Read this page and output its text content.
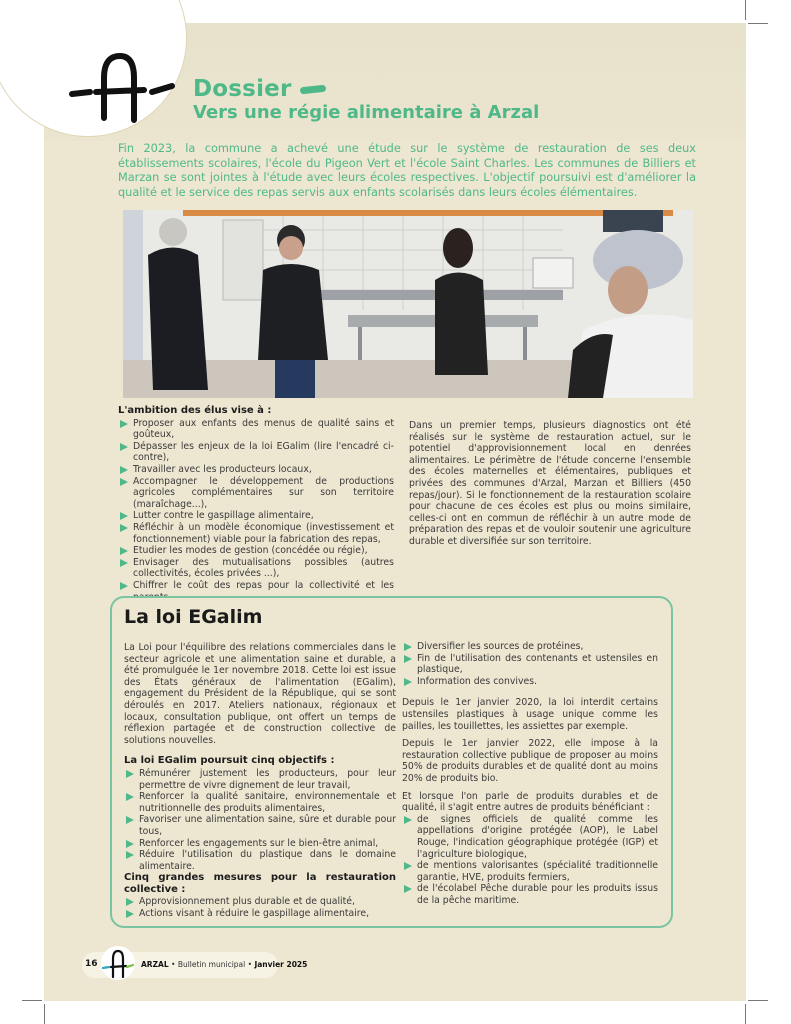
Dossier
Vers une régie alimentaire à Arzal

Fin 2023, la commune a achevé une étude sur le système de restauration de ses deux établissements scolaires, l'école du Pigeon Vert et l'école Saint Charles. Les communes de Billiers et Marzan se sont jointes à l'étude avec leurs écoles respectives. L'objectif poursuivi est d'améliorer la qualité et le service des repas servis aux enfants scolarisés dans leurs écoles élémentaires.

L'ambition des élus vise à :
Proposer aux enfants des menus de qualité sains et goûteux,
Dépasser les enjeux de la loi EGalim (lire l'encadré ci-contre),
Travailler avec les producteurs locaux,
Accompagner le développement de productions agricoles complémentaires sur son territoire (maraîchage...),
Lutter contre le gaspillage alimentaire,
Réfléchir à un modèle économique (investissement et fonctionnement) viable pour la fabrication des repas,
Etudier les modes de gestion (concédée ou régie),
Envisager des mutualisations possibles (autres collectivités, écoles privées ...),
Chiffrer le coût des repas pour la collectivité et les

Dans un premier temps, plusieurs diagnostics ont été réalisés sur le système de restauration actuel, sur le potentiel d'approvisionnement local en denrées alimentaires. Le périmètre de l'étude concerne l'ensemble des écoles maternelles et élémentaires, publiques et privées des communes d'Arzal, Marzan et Billiers (450 repas/jour). Si le fonctionnement de la restauration scolaire pour chacune de ces écoles est plus ou moins similaire, celles-ci ont en commun de réfléchir à un autre mode de préparation des repas et de vouloir soutenir une agriculture durable et diversifiée sur son territoire.

La loi EGalim

La Loi pour l'équilibre des relations commerciales dans le secteur agricole et une alimentation saine et durable, a été promulguée le 1er novembre 2018. Cette loi est issue des États généraux de l'alimentation (EGalim), engagement du Président de la République, qui se sont déroulés en 2017. Ateliers nationaux, régionaux et locaux, consultation publique, ont offert un temps de réflexion partagée et de construction collective de solutions nouvelles.

La loi EGalim poursuit cinq objectifs :
Rémunérer justement les producteurs, pour leur permettre de vivre dignement de leur travail,
Renforcer la qualité sanitaire, environnementale et nutritionnelle des produits alimentaires,
Favoriser une alimentation saine, sûre et durable pour tous,
Renforcer les engagements sur le bien-être animal,
Réduire l'utilisation du plastique dans le domaine alimentaire.
Cinq grandes mesures pour la restauration collective :
Approvisionnement plus durable et de qualité,
Actions visant à réduire le gaspillage alimentaire,
Diversifier les sources de protéines,
Fin de l'utilisation des contenants et ustensiles en plastique,
Information des convives.

Depuis le 1er janvier 2020, la loi interdit certains ustensiles plastiques à usage unique comme les pailles, les touillettes, les assiettes par exemple.

Depuis le 1er janvier 2022, elle impose à la restauration collective publique de proposer au moins 50% de produits durables et de qualité dont au moins 20% de produits bio.

Et lorsque l'on parle de produits durables et de qualité, il s'agit entre autres de produits bénéficiant :

de signes officiels de qualité comme les appellations d'origine protégée (AOP), le Label Rouge, l'indication géographique protégée (IGP) et l'agriculture biologique,
de mentions valorisantes (spécialité traditionnelle garantie, HVE, produits fermiers,
de l'écolabel Pêche durable pour les produits issus de la pêche maritime.
16	ARZAL • Bulletin municipal • Janvier 2025
